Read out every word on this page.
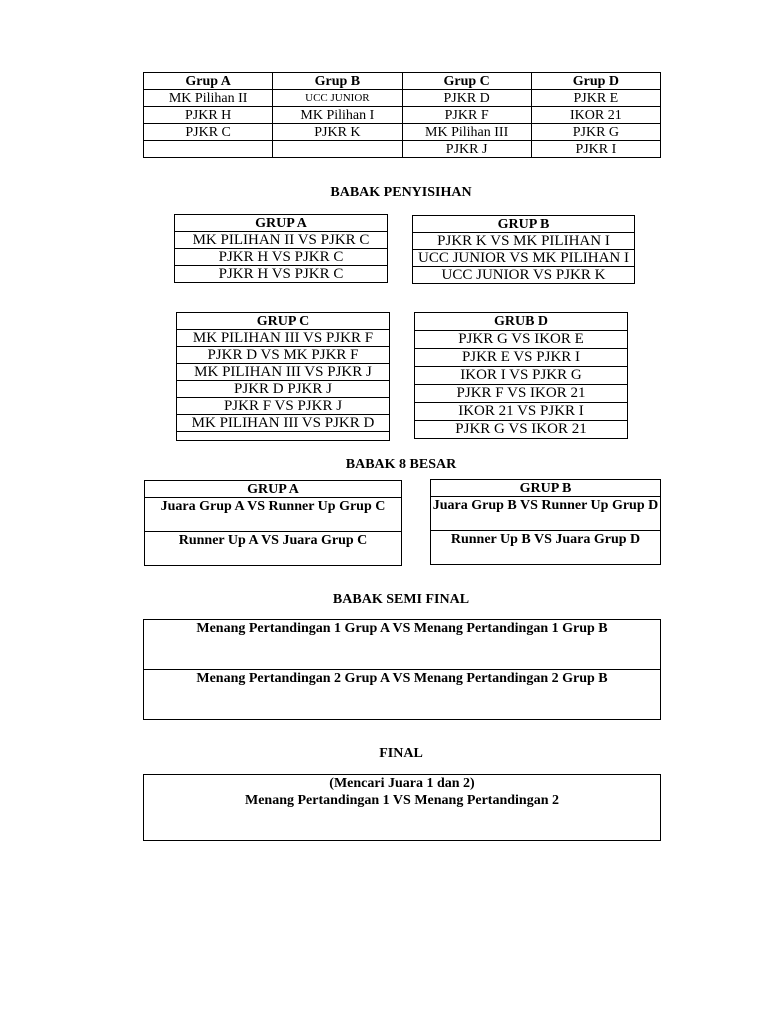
Grup A	Grup B	Grup C	Grup D
MK Pilihan II	UCC JUNIOR	PJKR D	PJKR E
PJKR H	MK Pilihan I	PJKR F	IKOR 21
PJKR C	PJKR K	MK Pilihan III	PJKR G
		PJKR J	PJKR I
BABAK PENYISIHAN
GRUP A
MK PILIHAN II VS PJKR C
PJKR H VS PJKR C
PJKR H VS PJKR C
GRUP B
PJKR K VS MK PILIHAN I
UCC JUNIOR VS MK PILIHAN I
UCC JUNIOR VS PJKR K
GRUP C
MK PILIHAN III VS PJKR F
PJKR D VS MK PJKR F
MK PILIHAN III VS PJKR J
PJKR D PJKR J
PJKR F VS PJKR J
MK PILIHAN III VS PJKR D

GRUB D
PJKR G VS IKOR E
PJKR E VS PJKR I
IKOR I VS PJKR G
PJKR F VS IKOR 21
IKOR 21 VS PJKR I
PJKR G VS IKOR 21
BABAK 8 BESAR
GRUP A
Juara Grup A VS Runner Up Grup C
Runner Up A VS Juara Grup C
GRUP B
Juara Grup B VS Runner Up Grup D
Runner Up B VS Juara Grup D
BABAK SEMI FINAL
Menang Pertandingan 1 Grup A VS Menang Pertandingan 1 Grup B
Menang Pertandingan 2 Grup A VS Menang Pertandingan 2 Grup B
FINAL
(Mencari Juara 1 dan 2)
Menang Pertandingan 1 VS Menang Pertandingan 2
